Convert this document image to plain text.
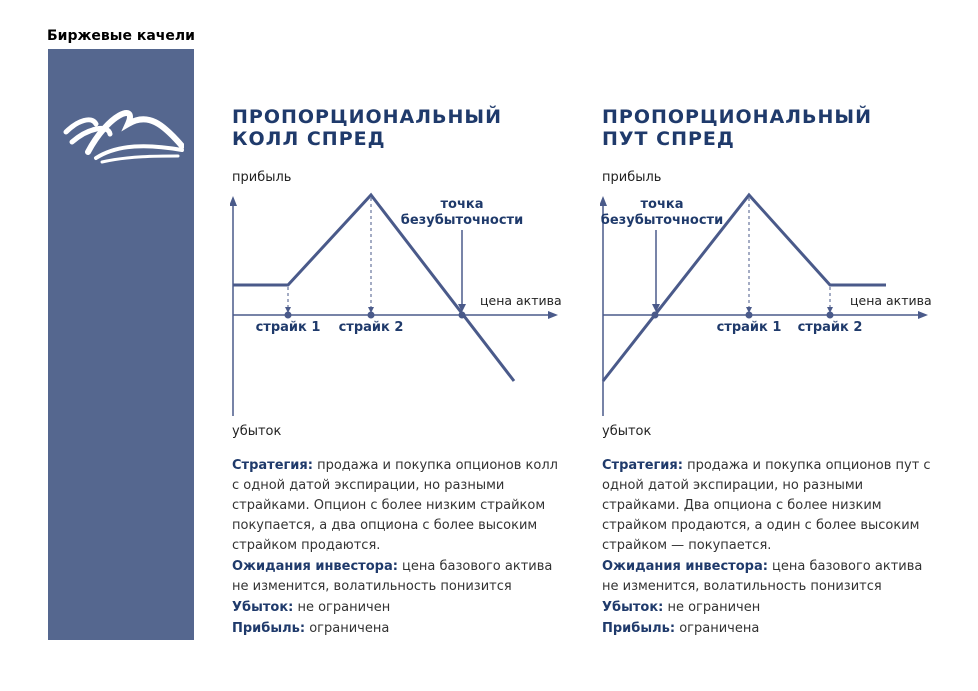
Биржевые качели
ПРОПОРЦИОНАЛЬНЫЙ
КОЛЛ СПРЕД
прибыль
убыток
цена актива
страйк 1 страйк 2
точка
безубыточности

Стратегия: продажа и покупка опционов колл с одной датой экспирации, но разными страйками. Опцион с более низким страйком покупается, а два опциона с более высоким страйком продаются.

Ожидания инвестора: цена базового актива не изменится, волатильность понизится

Убыток: не ограничен

Прибыль: ограничена

ПРОПОРЦИОНАЛЬНЫЙ
ПУТ СПРЕД
прибыль
убыток
цена актива
страйк 1 страйк 2
точка
безубыточности

Стратегия: продажа и покупка опционов пут с одной датой экспирации, но разными страйками. Два опциона с более низким страйком продаются, а один с более высоким страйком — покупается.

Ожидания инвестора: цена базового актива не изменится, волатильность понизится

Убыток: не ограничен

Прибыль: ограничена
